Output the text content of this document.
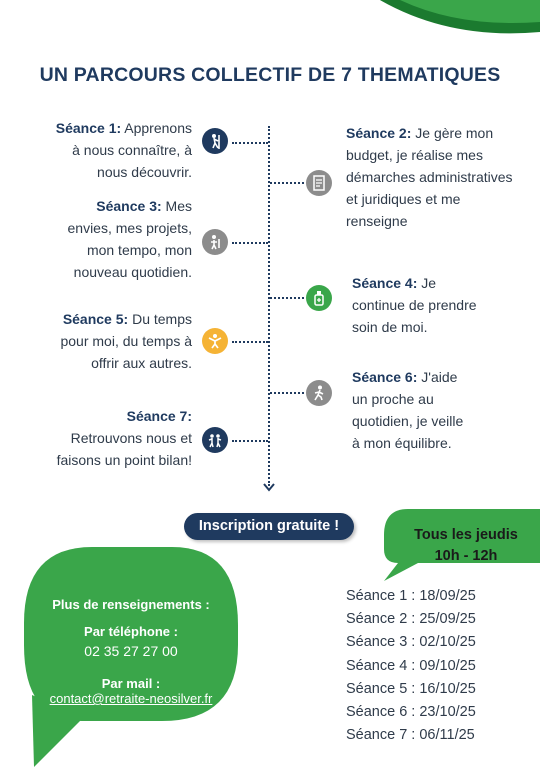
UN PARCOURS COLLECTIF DE 7 THEMATIQUES
Séance 1: Apprenons
à nous connaître, à
nous découvrir.
Séance 2: Je gère mon
budget, je réalise mes
démarches administratives
et juridiques et me
renseigne
Séance 3: Mes
envies, mes projets,
mon tempo, mon
nouveau quotidien.
Séance 4: Je
continue de prendre
soin de moi.
Séance 5: Du temps
pour moi, du temps à
offrir aux autres.
Séance 6: J'aide
un proche au
quotidien, je veille
à mon équilibre.
Séance 7:
Retrouvons nous et
faisons un point bilan!
Inscription gratuite !
Tous les jeudis
10h - 12h
Séance 1 : 18/09/25
Séance 2 : 25/09/25
Séance 3 : 02/10/25
Séance 4 : 09/10/25
Séance 5 : 16/10/25
Séance 6 : 23/10/25
Séance 7 : 06/11/25
Plus de renseignements :
Par téléphone :
02 35 27 27 00
Par mail :
contact@retraite-neosilver.fr
